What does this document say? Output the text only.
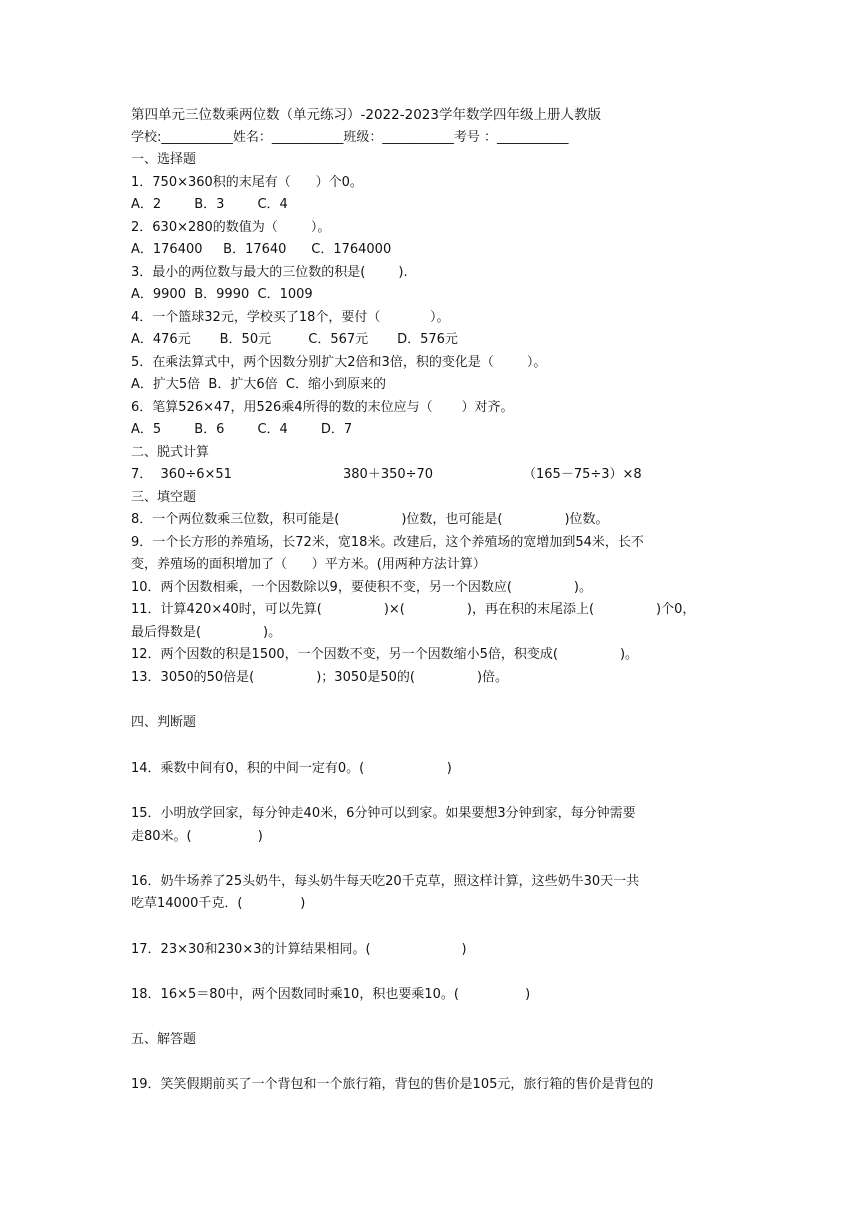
第四单元三位数乘两位数（单元练习）-2022-2023学年数学四年级上册人教版
学校:___________姓名：___________班级：___________考号 ：___________
一、选择题
1．750×360积的末尾有（      ）个0。
A．2        B．3        C．4
2．630×280的数值为（        ）。
A．176400     B．17640      C．1764000
3．最小的两位数与最大的三位数的积是(        ).
A．9900  B．9990  C．1009
4．一个篮球32元，学校买了18个，要付（            ）。
A．476元       B．50元         C．567元       D．576元
5．在乘法算式中，两个因数分别扩大2倍和3倍，积的变化是（        ）。
A．扩大5倍  B．扩大6倍  C．缩小到原来的
6．笔算526×47，用526乘4所得的数的末位应与（       ）对齐。
A．5        B．6        C．4        D．7
二、脱式计算
7．  360÷6×51	380＋350÷70	（165－75÷3）×8
三、填空题
8．一个两位数乘三位数，积可能是(               )位数，也可能是(               )位数。
9．一个长方形的养殖场，长72米，宽18米。改建后，这个养殖场的宽增加到54米，长不
变，养殖场的面积增加了（      ）平方米。(用两种方法计算）
10．两个因数相乘，一个因数除以9，要使积不变，另一个因数应(               )。
11．计算420×40时，可以先算(               )×(               )，再在积的末尾添上(               )个0，
最后得数是(               )。
12．两个因数的积是1500，一个因数不变，另一个因数缩小5倍，积变成(               )。
13．3050的50倍是(               )；3050是50的(               )倍。
四、判断题
14．乘数中间有0，积的中间一定有0。(                    )
15．小明放学回家，每分钟走40米，6分钟可以到家。如果要想3分钟到家，每分钟需要
走80米。(                )
16．奶牛场养了25头奶牛，每头奶牛每天吃20千克草，照这样计算，这些奶牛30天一共
吃草14000千克．(              )
17．23×30和230×3的计算结果相同。(                      )
18．16×5＝80中，两个因数同时乘10，积也要乘10。(                )
五、解答题
19．笑笑假期前买了一个背包和一个旅行箱，背包的售价是105元，旅行箱的售价是背包的
